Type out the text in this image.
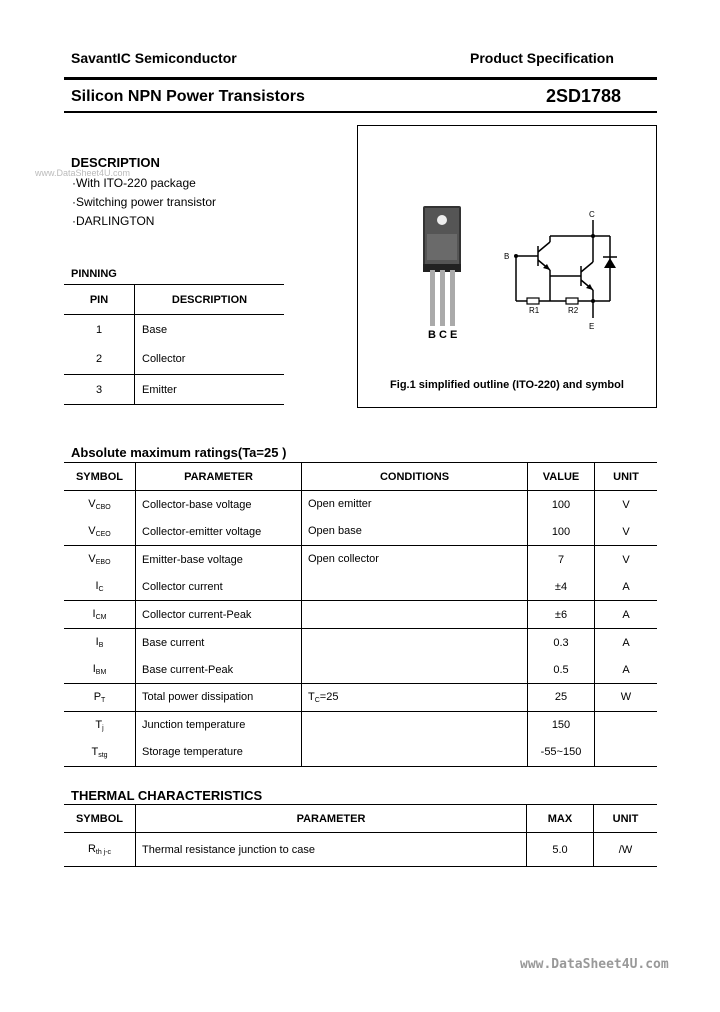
SavantIC Semiconductor	Product Specification
Silicon NPN Power Transistors	2SD1788
DESCRIPTION
www.DataSheet4U.com
·With ITO-220 package
·Switching power transistor
·DARLINGTON
PINNING
PIN	DESCRIPTION
1	Base
2	Collector
3	Emitter
B C E
C
B
E
R1	R2
Fig.1 simplified outline (ITO-220) and symbol
Absolute maximum ratings(Ta=25 )
SYMBOL	PARAMETER	CONDITIONS	VALUE	UNIT
$V_{CBO}$	Collector-base voltage	Open emitter	100	V
$V_{CEO}$	Collector-emitter voltage	Open base	100	V
$V_{EBO}$	Emitter-base voltage	Open collector	7	V
$I_C$	Collector current		±4	A
$I_{CM}$	Collector current-Peak		±6	A
$I_B$	Base current		0.3	A
$I_{BM}$	Base current-Peak		0.5	A
$P_T$	Total power dissipation	$T_C=25$	25	W
$T_j$	Junction temperature		150	
$T_{stg}$	Storage temperature		-55~150	
THERMAL CHARACTERISTICS
SYMBOL	PARAMETER	MAX	UNIT
$R_{th j-c}$	Thermal resistance junction to case	5.0	/W
www.DataSheet4U.com
